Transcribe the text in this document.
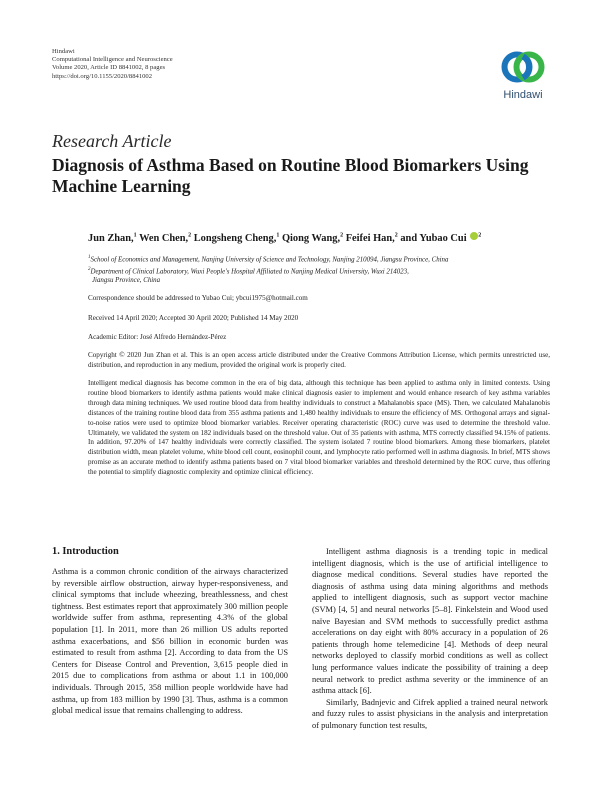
Hindawi
Computational Intelligence and Neuroscience
Volume 2020, Article ID 8841002, 8 pages
https://doi.org/10.1155/2020/8841002
Hindawi
Research Article
Diagnosis of Asthma Based on Routine Blood Biomarkers Using Machine Learning
Jun Zhan,$^1$ Wen Chen,$^2$ Longsheng Cheng,$^1$ Qiong Wang,$^2$ Feifei Han,$^2$ and Yubao Cui $^2$
$^1$School of Economics and Management, Nanjing University of Science and Technology, Nanjing 210094, Jiangsu Province, China
$^2$Department of Clinical Laboratory, Wuxi People's Hospital Affiliated to Nanjing Medical University, Wuxi 214023,
Jiangsu Province, China
Correspondence should be addressed to Yubao Cui; ybcui1975@hotmail.com
Received 14 April 2020; Accepted 30 April 2020; Published 14 May 2020
Academic Editor: José Alfredo Hernández-Pérez
Copyright © 2020 Jun Zhan et al. This is an open access article distributed under the Creative Commons Attribution License, which permits unrestricted use, distribution, and reproduction in any medium, provided the original work is properly cited.
Intelligent medical diagnosis has become common in the era of big data, although this technique has been applied to asthma only in limited contexts. Using routine blood biomarkers to identify asthma patients would make clinical diagnosis easier to implement and would enhance research of key asthma variables through data mining techniques. We used routine blood data from healthy individuals to construct a Mahalanobis space (MS). Then, we calculated Mahalanobis distances of the training routine blood data from 355 asthma patients and 1,480 healthy individuals to ensure the efficiency of MS. Orthogonal arrays and signal-to-noise ratios were used to optimize blood biomarker variables. Receiver operating characteristic (ROC) curve was used to determine the threshold value. Ultimately, we validated the system on 182 individuals based on the threshold value. Out of 35 patients with asthma, MTS correctly classified 94.15% of patients. In addition, 97.20% of 147 healthy individuals were correctly classified. The system isolated 7 routine blood biomarkers. Among these biomarkers, platelet distribution width, mean platelet volume, white blood cell count, eosinophil count, and lymphocyte ratio performed well in asthma diagnosis. In brief, MTS shows promise as an accurate method to identify asthma patients based on 7 vital blood biomarker variables and threshold determined by the ROC curve, thus offering the potential to simplify diagnostic complexity and optimize clinical efficiency.
1. Introduction

Asthma is a common chronic condition of the airways characterized by reversible airflow obstruction, airway hyper-responsiveness, and clinical symptoms that include wheezing, breathlessness, and chest tightness. Best estimates report that approximately 300 million people worldwide suffer from asthma, representing 4.3% of the global population [1]. In 2011, more than 26 million US adults reported asthma exacerbations, and $56 billion in economic burden was estimated to result from asthma [2]. According to data from the US Centers for Disease Control and Prevention, 3,615 people died in 2015 due to complications from asthma or about 1.1 in 100,000 individuals. Through 2015, 358 million people worldwide have had asthma, up from 183 million by 1990 [3]. Thus, asthma is a common global medical issue that remains challenging to address.

Intelligent asthma diagnosis is a trending topic in medical intelligent diagnosis, which is the use of artificial intelligence to diagnose medical conditions. Several studies have reported the diagnosis of asthma using data mining algorithms and methods applied to intelligent diagnosis, such as support vector machine (SVM) [4, 5] and neural networks [5–8]. Finkelstein and Wood used naïve Bayesian and SVM methods to successfully predict asthma accelerations on day eight with 80% accuracy in a population of 26 patients through home telemedicine [4]. Methods of deep neural networks deployed to classify morbid conditions as well as collect lung performance values indicate the possibility of training a deep neural network to predict asthma severity or the imminence of an asthma attack [6].

Similarly, Badnjevic and Cifrek applied a trained neural network and fuzzy rules to assist physicians in the analysis and interpretation of pulmonary function test results,
